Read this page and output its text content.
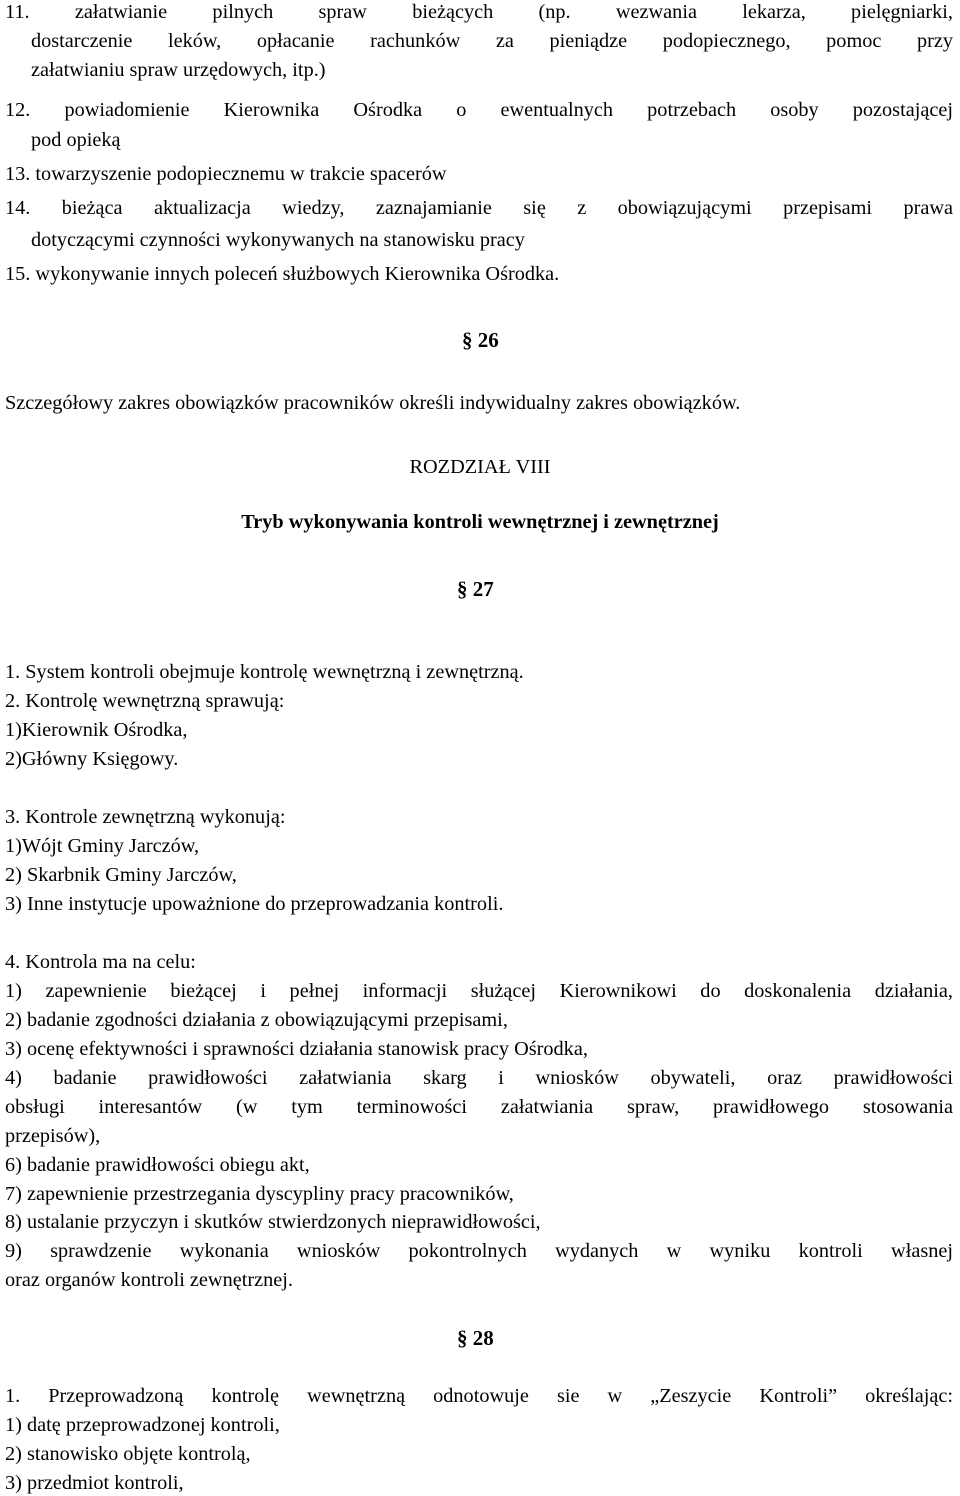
11. załatwianie pilnych spraw bieżących (np. wezwania lekarza, pielęgniarki,
dostarczenie leków, opłacanie rachunków za pieniądze podopiecznego, pomoc przy
załatwianiu spraw urzędowych, itp.)
12. powiadomienie Kierownika Ośrodka o ewentualnych potrzebach osoby pozostającej
pod opieką
13. towarzyszenie podopiecznemu w trakcie spacerów
14. bieżąca aktualizacja wiedzy, zaznajamianie się z obowiązującymi przepisami prawa
dotyczącymi czynności wykonywanych na stanowisku pracy
15. wykonywanie innych poleceń służbowych Kierownika Ośrodka.
§ 26
Szczegółowy zakres obowiązków pracowników określi indywidualny zakres obowiązków.
ROZDZIAŁ VIII
Tryb wykonywania kontroli wewnętrznej i zewnętrznej
§ 27
1. System kontroli obejmuje kontrolę wewnętrzną i zewnętrzną.
2. Kontrolę wewnętrzną sprawują:
1)Kierownik Ośrodka,
2)Główny Księgowy.
3. Kontrole zewnętrzną wykonują:
1)Wójt Gminy Jarczów,
2) Skarbnik Gminy Jarczów,
3) Inne instytucje upoważnione do przeprowadzania kontroli.
4. Kontrola ma na celu:
1) zapewnienie bieżącej i pełnej informacji służącej Kierownikowi do doskonalenia działania,
2) badanie zgodności działania z obowiązującymi przepisami,
3) ocenę efektywności i sprawności działania stanowisk pracy Ośrodka,
4) badanie prawidłowości załatwiania skarg i wniosków obywateli, oraz prawidłowości
obsługi interesantów (w tym terminowości załatwiania spraw, prawidłowego stosowania
przepisów),
6) badanie prawidłowości obiegu akt,
7) zapewnienie przestrzegania dyscypliny pracy pracowników,
8) ustalanie przyczyn i skutków stwierdzonych nieprawidłowości,
9) sprawdzenie wykonania wniosków pokontrolnych wydanych w wyniku kontroli własnej
oraz organów kontroli zewnętrznej.
§ 28
1. Przeprowadzoną kontrolę wewnętrzną odnotowuje sie w „Zeszycie Kontroli” określając:
1) datę przeprowadzonej kontroli,
2) stanowisko objęte kontrolą,
3) przedmiot kontroli,
